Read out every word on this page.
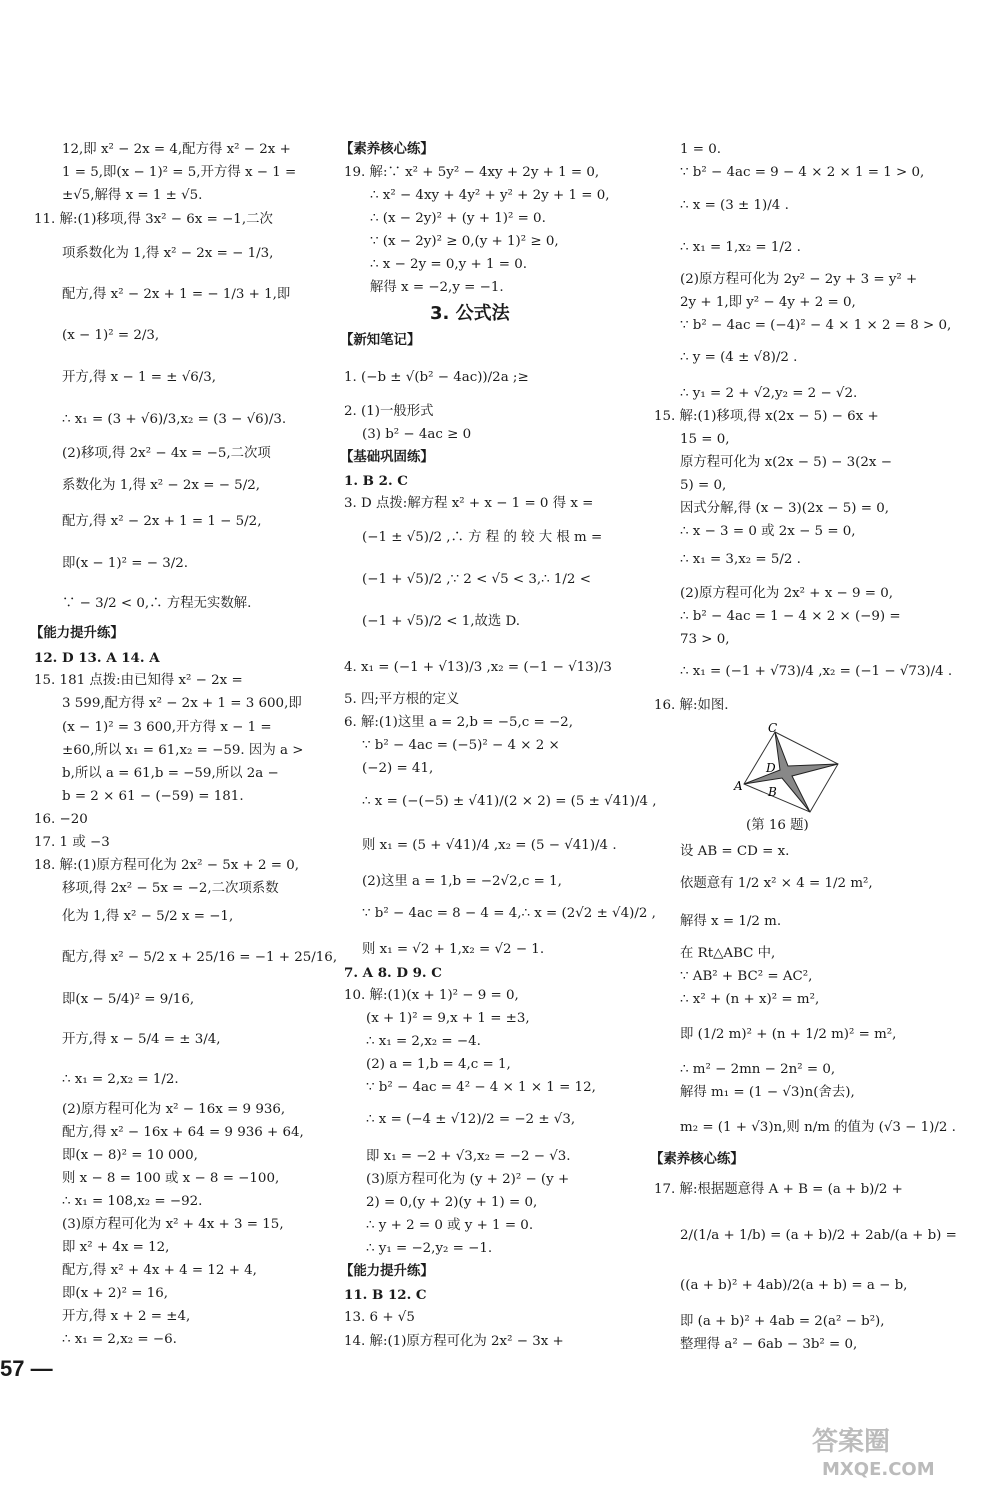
12,即 x² − 2x = 4,配方得 x² − 2x +
1 = 5,即(x − 1)² = 5,开方得 x − 1 =
±√5,解得 x = 1 ± √5.
11. 解:(1)移项,得 3x² − 6x = −1,二次
项系数化为 1,得 x² − 2x = − 1/3,
配方,得 x² − 2x + 1 = − 1/3 + 1,即
(x − 1)² = 2/3,
开方,得 x − 1 = ± √6/3,
∴ x₁ = (3 + √6)/3,x₂ = (3 − √6)/3.
(2)移项,得 2x² − 4x = −5,二次项
系数化为 1,得 x² − 2x = − 5/2,
配方,得 x² − 2x + 1 = 1 − 5/2,
即(x − 1)² = − 3/2.
∵ − 3/2 < 0,∴ 方程无实数解.
【能力提升练】
12. D 13. A 14. A
15. 181 点拨:由已知得 x² − 2x =
3 599,配方得 x² − 2x + 1 = 3 600,即
(x − 1)² = 3 600,开方得 x − 1 =
±60,所以 x₁ = 61,x₂ = −59. 因为 a >
b,所以 a = 61,b = −59,所以 2a −
b = 2 × 61 − (−59) = 181.
16. −20
17. 1 或 −3
18. 解:(1)原方程可化为 2x² − 5x + 2 = 0,
移项,得 2x² − 5x = −2,二次项系数
化为 1,得 x² − 5/2 x = −1,
配方,得 x² − 5/2 x + 25/16 = −1 + 25/16,
即(x − 5/4)² = 9/16,
开方,得 x − 5/4 = ± 3/4,
∴ x₁ = 2,x₂ = 1/2.
(2)原方程可化为 x² − 16x = 9 936,
配方,得 x² − 16x + 64 = 9 936 + 64,
即(x − 8)² = 10 000,
则 x − 8 = 100 或 x − 8 = −100,
∴ x₁ = 108,x₂ = −92.
(3)原方程可化为 x² + 4x + 3 = 15,
即 x² + 4x = 12,
配方,得 x² + 4x + 4 = 12 + 4,
即(x + 2)² = 16,
开方,得 x + 2 = ±4,
∴ x₁ = 2,x₂ = −6.
【素养核心练】
19. 解:∵ x² + 5y² − 4xy + 2y + 1 = 0,
∴ x² − 4xy + 4y² + y² + 2y + 1 = 0,
∴ (x − 2y)² + (y + 1)² = 0.
∵ (x − 2y)² ≥ 0,(y + 1)² ≥ 0,
∴ x − 2y = 0,y + 1 = 0.
解得 x = −2,y = −1.
【新知笔记】
1. (−b ± √(b² − 4ac))/2a ;≥
2. (1)一般形式
(3) b² − 4ac ≥ 0
【基础巩固练】
1. B 2. C
3. D 点拨:解方程 x² + x − 1 = 0 得 x =
(−1 ± √5)/2 ,∴ 方 程 的 较 大 根 m =
(−1 + √5)/2 ,∵ 2 < √5 < 3,∴ 1/2 <
(−1 + √5)/2 < 1,故选 D.
4. x₁ = (−1 + √13)/3 ,x₂ = (−1 − √13)/3
5. 四;平方根的定义
6. 解:(1)这里 a = 2,b = −5,c = −2,
∵ b² − 4ac = (−5)² − 4 × 2 ×
(−2) = 41,
∴ x = (−(−5) ± √41)/(2 × 2) = (5 ± √41)/4 ,
则 x₁ = (5 + √41)/4 ,x₂ = (5 − √41)/4 .
(2)这里 a = 1,b = −2√2,c = 1,
∵ b² − 4ac = 8 − 4 = 4,∴ x = (2√2 ± √4)/2 ,
则 x₁ = √2 + 1,x₂ = √2 − 1.
7. A 8. D 9. C
10. 解:(1)(x + 1)² − 9 = 0,
(x + 1)² = 9,x + 1 = ±3,
∴ x₁ = 2,x₂ = −4.
(2) a = 1,b = 4,c = 1,
∵ b² − 4ac = 4² − 4 × 1 × 1 = 12,
∴ x = (−4 ± √12)/2 = −2 ± √3,
即 x₁ = −2 + √3,x₂ = −2 − √3.
(3)原方程可化为 (y + 2)² − (y +
2) = 0,(y + 2)(y + 1) = 0,
∴ y + 2 = 0 或 y + 1 = 0.
∴ y₁ = −2,y₂ = −1.
【能力提升练】
11. B 12. C
13. 6 + √5
14. 解:(1)原方程可化为 2x² − 3x +
1 = 0.
∵ b² − 4ac = 9 − 4 × 2 × 1 = 1 > 0,
∴ x = (3 ± 1)/4 .
∴ x₁ = 1,x₂ = 1/2 .
(2)原方程可化为 2y² − 2y + 3 = y² +
2y + 1,即 y² − 4y + 2 = 0,
∵ b² − 4ac = (−4)² − 4 × 1 × 2 = 8 > 0,
∴ y = (4 ± √8)/2 .
∴ y₁ = 2 + √2,y₂ = 2 − √2.
15. 解:(1)移项,得 x(2x − 5) − 6x +
15 = 0,
原方程可化为 x(2x − 5) − 3(2x −
5) = 0,
因式分解,得 (x − 3)(2x − 5) = 0,
∴ x − 3 = 0 或 2x − 5 = 0,
∴ x₁ = 3,x₂ = 5/2 .
(2)原方程可化为 2x² + x − 9 = 0,
∴ b² − 4ac = 1 − 4 × 2 × (−9) =
73 > 0,
∴ x₁ = (−1 + √73)/4 ,x₂ = (−1 − √73)/4 .
16. 解:如图.
(第 16 题)
设 AB = CD = x.
依题意有 1/2 x² × 4 = 1/2 m²,
解得 x = 1/2 m.
在 Rt△ABC 中,
∵ AB² + BC² = AC²,
∴ x² + (n + x)² = m²,
即 (1/2 m)² + (n + 1/2 m)² = m²,
∴ m² − 2mn − 2n² = 0,
解得 m₁ = (1 − √3)n(舍去),
m₂ = (1 + √3)n,则 n/m 的值为 (√3 − 1)/2 .
【素养核心练】
17. 解:根据题意得 A + B = (a + b)/2 +
2/(1/a + 1/b) = (a + b)/2 + 2ab/(a + b) =
((a + b)² + 4ab)/2(a + b) = a − b,
即 (a + b)² + 4ab = 2(a² − b²),
整理得 a² − 6ab − 3b² = 0,
3. 公式法
C
D
A B
57 —
答案圈
MXQE.COM
